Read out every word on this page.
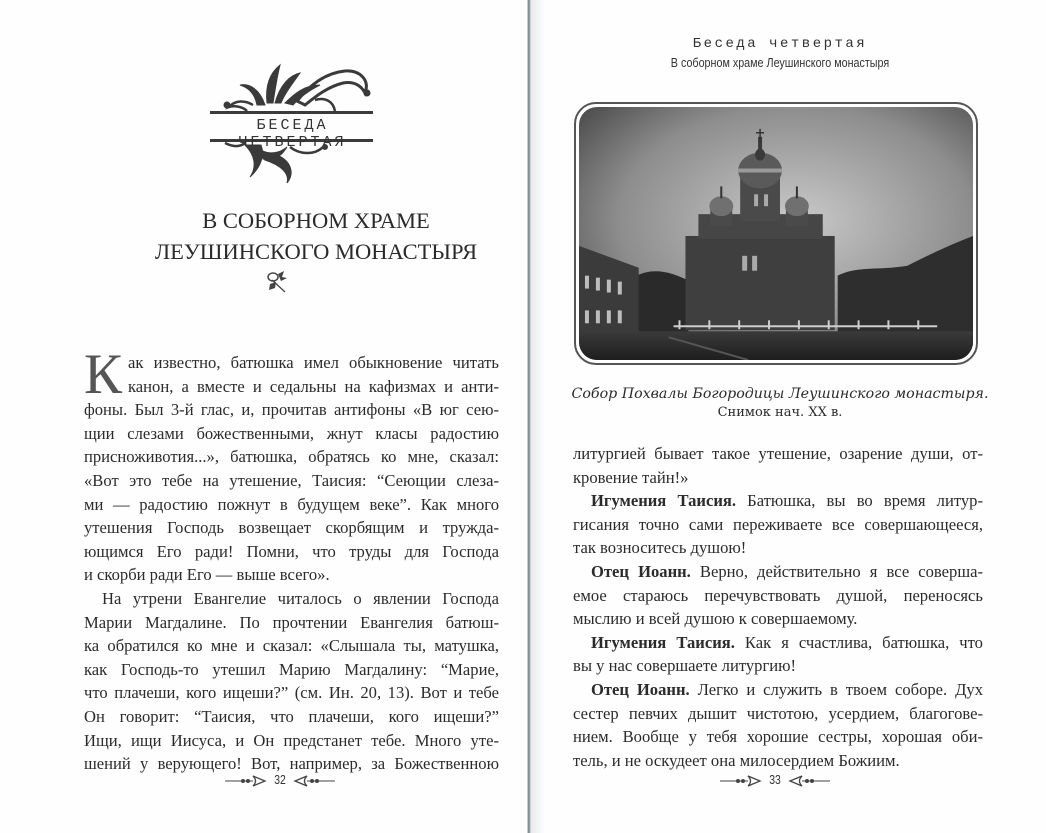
БЕСЕДА ЧЕТВЕРТАЯ
В СОБОРНОМ ХРАМЕ
ЛЕУШИНСКОГО МОНАСТЫРЯ
К ак известно, батюшка имел обыкновение читать
канон, а вместе и седальны на кафизмах и анти-
фоны. Был 3-й глас, и, прочитав антифоны «В юг сею-
щии слезами божественными, жнут класы радостию
присноживотия...», батюшка, обратясь ко мне, сказал:
«Вот это тебе на утешение, Таисия: “Сеющии слеза-
ми — радостию пожнут в будущем веке”. Как много
утешения Господь возвещает скорбящим и тружда-
ющимся Его ради! Помни, что труды для Господа
и скорби ради Его — выше всего».
На утрени Евангелие читалось о явлении Господа
Марии Магдалине. По прочтении Евангелия батюш-
ка обратился ко мне и сказал: «Слышала ты, матушка,
как Господь-то утешил Марию Магдалину: “Марие,
что плачеши, кого ищеши?” (см. Ин. 20, 13). Вот и тебе
Он говорит: “Таисия, что плачеши, кого ищеши?”
Ищи, ищи Иисуса, и Он предстанет тебе. Много уте-
шений у верующего! Вот, например, за Божественною
32
Беседа четвертая
В соборном храме Леушинского монастыря
Собор Похвалы Богородицы Леушинского монастыря.
Снимок нач. XX в.
литургией бывает такое утешение, озарение души, от-
кровение тайн!»
Игумения Таисия. Батюшка, вы во время литур-
гисания точно сами переживаете все совершающееся,
так возноситесь душою!
Отец Иоанн. Верно, действительно я все соверша-
емое стараюсь перечувствовать душой, переносясь
мыслию и всей душою к совершаемому.
Игумения Таисия. Как я счастлива, батюшка, что
вы у нас совершаете литургию!
Отец Иоанн. Легко и служить в твоем соборе. Дух
сестер певчих дышит чистотою, усердием, благогове-
нием. Вообще у тебя хорошие сестры, хорошая оби-
тель, и не оскудеет она милосердием Божиим.
33
